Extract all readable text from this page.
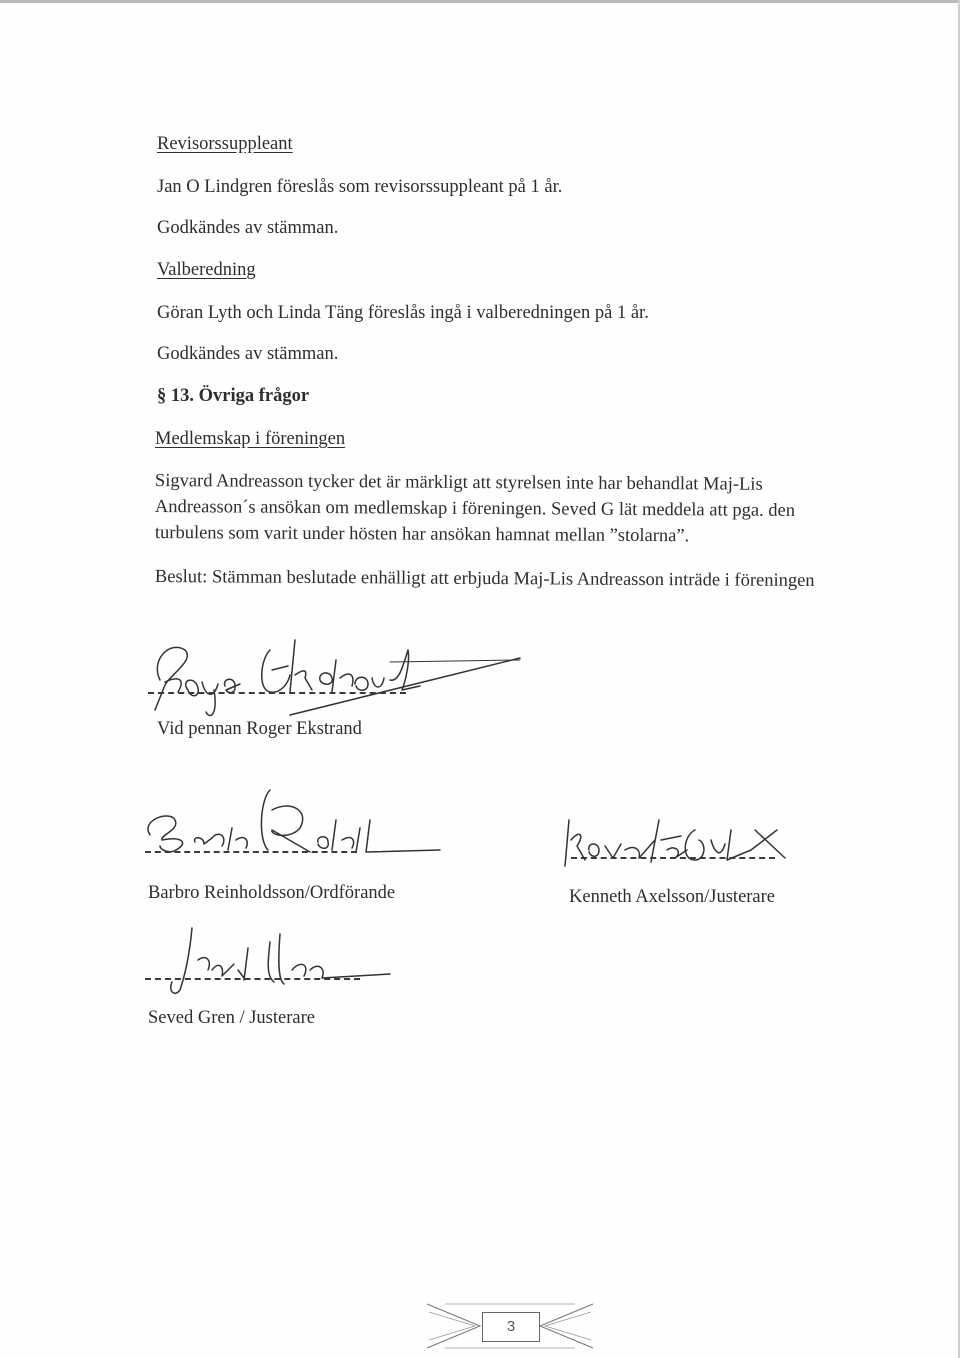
Revisorssuppleant
Jan O Lindgren föreslås som revisorssuppleant på 1 år.
Godkändes av stämman.
Valberedning
Göran Lyth och Linda Täng föreslås ingå i valberedningen på 1 år.
Godkändes av stämman.
§ 13. Övriga frågor
Medlemskap i föreningen
Sigvard Andreasson tycker det är märkligt att styrelsen inte har behandlat Maj-Lis
Andreasson´s ansökan om medlemskap i föreningen. Seved G lät meddela att pga. den
turbulens som varit under hösten har ansökan hamnat mellan ”stolarna”.
Beslut: Stämman beslutade enhälligt att erbjuda Maj-Lis Andreasson inträde i föreningen
Vid pennan Roger Ekstrand
Barbro Reinholdsson/Ordförande	Kenneth Axelsson/Justerare
Seved Gren / Justerare
3
